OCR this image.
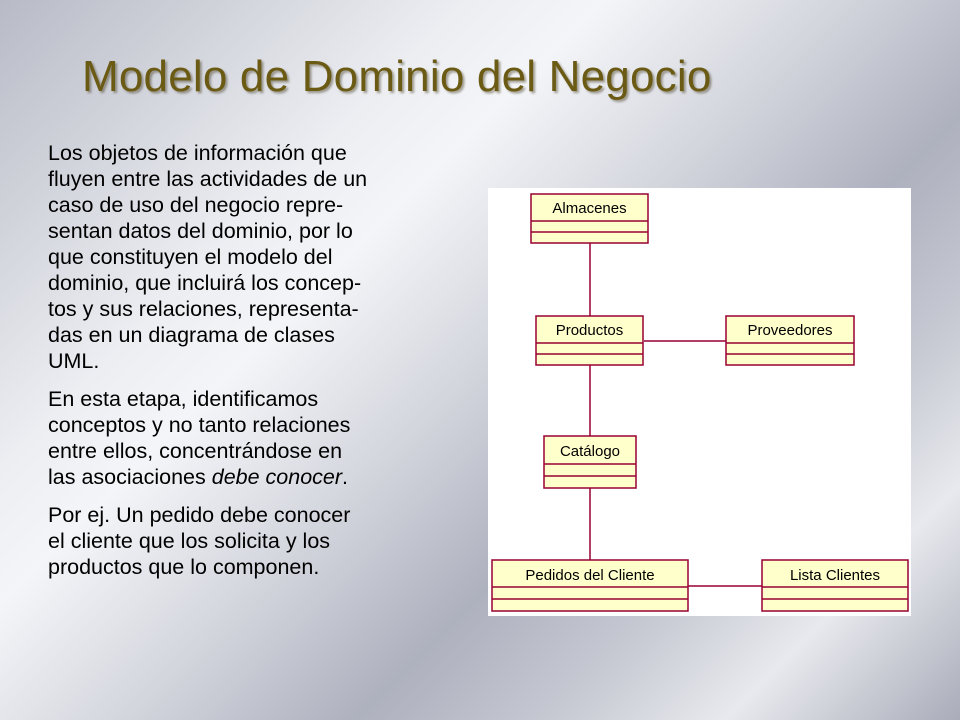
Modelo de Dominio del Negocio

Los objetos de información que
fluyen entre las actividades de un
caso de uso del negocio repre-
sentan datos del dominio, por lo
que constituyen el modelo del
dominio, que incluirá los concep-
tos y sus relaciones, representa-
das en un diagrama de clases
UML.

En esta etapa, identificamos
conceptos y no tanto relaciones
entre ellos, concentrándose en
las asociaciones debe conocer.

Por ej. Un pedido debe conocer
el cliente que los solicita y los
productos que lo componen.

Almacenes
Productos	Proveedores
Catálogo
Pedidos del Cliente	Lista Clientes
